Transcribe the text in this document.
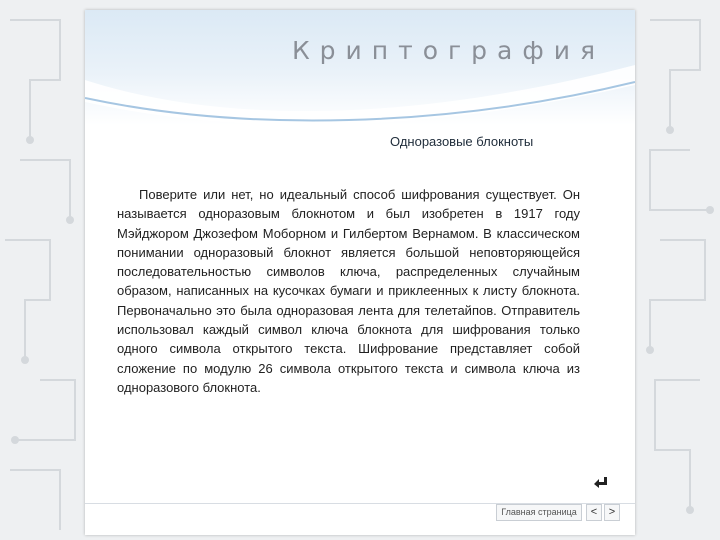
Криптография
Одноразовые блокноты

Поверите или нет, но идеальный способ шифрования существует. Он называется одноразовым блокнотом и был изобретен в 1917 году Мэйджором Джозефом Моборном и Гилбертом Вернамом. В классическом понимании одноразовый блокнот является большой неповторяющейся последовательностью символов ключа, распределенных случайным образом, написанных на кусочках бумаги и приклеенных к листу блокнота. Первоначально это была одноразовая лента для телетайпов. Отправитель использовал каждый символ ключа блокнота для шифрования только одного символа открытого текста. Шифрование представляет собой сложение по модулю 26 символа открытого текста и символа ключа из одноразового блокнота.

Главная страница	<	>
